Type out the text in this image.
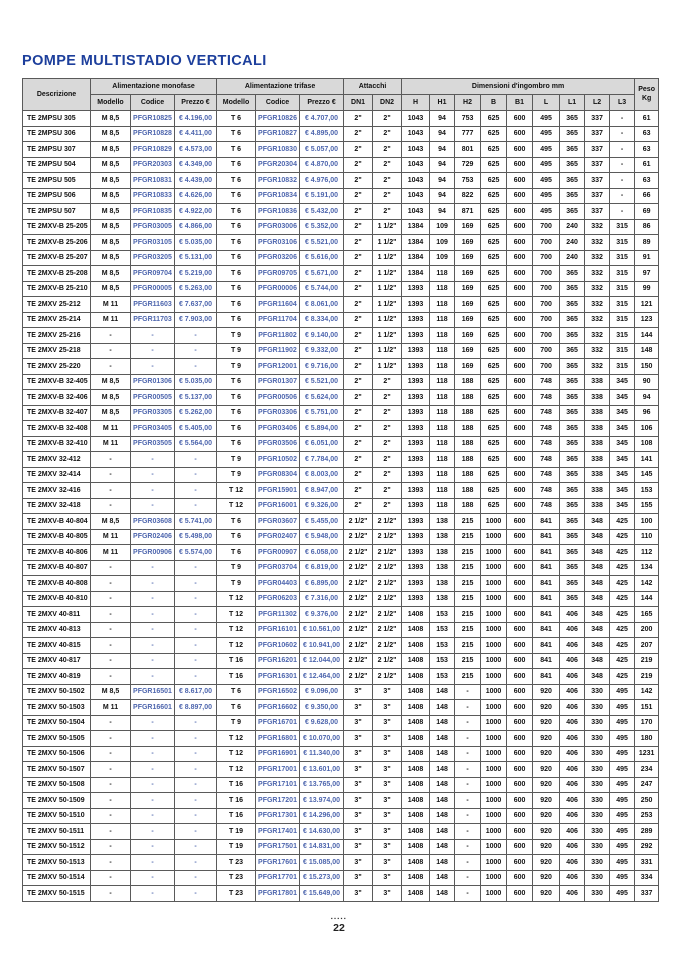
POMPE MULTISTADIO VERTICALI
Descrizione	Alimentazione monofase			Alimentazione trifase			Attacchi		Dimensioni d'ingombro mm									Peso
Kg
	Modello	Codice	Prezzo €	Modello	Codice	Prezzo €	DN1	DN2	H	H1	H2	B	B1	L	L1	L2	L3	
TE 2MPSU 305	M 8,5	PFGR10825	€ 4.196,00	T 6	PFGR10826	€ 4.707,00	2"	2"	1043	94	753	625	600	495	365	337	-	61
TE 2MPSU 306	M 8,5	PFGR10828	€ 4.411,00	T 6	PFGR10827	€ 4.895,00	2"	2"	1043	94	777	625	600	495	365	337	-	63
TE 2MPSU 307	M 8,5	PFGR10829	€ 4.573,00	T 6	PFGR10830	€ 5.057,00	2"	2"	1043	94	801	625	600	495	365	337	-	63
TE 2MPSU 504	M 8,5	PFGR20303	€ 4.349,00	T 6	PFGR20304	€ 4.870,00	2"	2"	1043	94	729	625	600	495	365	337	-	61
TE 2MPSU 505	M 8,5	PFGR10831	€ 4.439,00	T 6	PFGR10832	€ 4.976,00	2"	2"	1043	94	753	625	600	495	365	337	-	63
TE 2MPSU 506	M 8,5	PFGR10833	€ 4.626,00	T 6	PFGR10834	€ 5.191,00	2"	2"	1043	94	822	625	600	495	365	337	-	66
TE 2MPSU 507	M 8,5	PFGR10835	€ 4.922,00	T 6	PFGR10836	€ 5.432,00	2"	2"	1043	94	871	625	600	495	365	337	-	69
TE 2MXV-B 25-205	M 8,5	PFGR03005	€ 4.866,00	T 6	PFGR03006	€ 5.352,00	2"	1 1/2"	1384	109	169	625	600	700	240	332	315	86
TE 2MXV-B 25-206	M 8,5	PFGR03105	€ 5.035,00	T 6	PFGR03106	€ 5.521,00	2"	1 1/2"	1384	109	169	625	600	700	240	332	315	89
TE 2MXV-B 25-207	M 8,5	PFGR03205	€ 5.131,00	T 6	PFGR03206	€ 5.616,00	2"	1 1/2"	1384	109	169	625	600	700	240	332	315	91
TE 2MXV-B 25-208	M 8,5	PFGR09704	€ 5.219,00	T 6	PFGR09705	€ 5.671,00	2"	1 1/2"	1384	118	169	625	600	700	365	332	315	97
TE 2MXV-B 25-210	M 8,5	PFGR00005	€ 5.263,00	T 6	PFGR00006	€ 5.744,00	2"	1 1/2"	1393	118	169	625	600	700	365	332	315	99
TE 2MXV 25-212	M 11	PFGR11603	€ 7.637,00	T 6	PFGR11604	€ 8.061,00	2"	1 1/2"	1393	118	169	625	600	700	365	332	315	121
TE 2MXV 25-214	M 11	PFGR11703	€ 7.903,00	T 6	PFGR11704	€ 8.334,00	2"	1 1/2"	1393	118	169	625	600	700	365	332	315	123
TE 2MXV 25-216	-	-	-	T 9	PFGR11802	€ 9.140,00	2"	1 1/2"	1393	118	169	625	600	700	365	332	315	144
TE 2MXV 25-218	-	-	-	T 9	PFGR11902	€ 9.332,00	2"	1 1/2"	1393	118	169	625	600	700	365	332	315	148
TE 2MXV 25-220	-	-	-	T 9	PFGR12001	€ 9.716,00	2"	1 1/2"	1393	118	169	625	600	700	365	332	315	150
TE 2MXV-B 32-405	M 8,5	PFGR01306	€ 5.035,00	T 6	PFGR01307	€ 5.521,00	2"	2"	1393	118	188	625	600	748	365	338	345	90
TE 2MXV-B 32-406	M 8,5	PFGR00505	€ 5.137,00	T 6	PFGR00506	€ 5.624,00	2"	2"	1393	118	188	625	600	748	365	338	345	94
TE 2MXV-B 32-407	M 8,5	PFGR03305	€ 5.262,00	T 6	PFGR03306	€ 5.751,00	2"	2"	1393	118	188	625	600	748	365	338	345	96
TE 2MXV-B 32-408	M 11	PFGR03405	€ 5.405,00	T 6	PFGR03406	€ 5.894,00	2"	2"	1393	118	188	625	600	748	365	338	345	106
TE 2MXV-B 32-410	M 11	PFGR03505	€ 5.564,00	T 6	PFGR03506	€ 6.051,00	2"	2"	1393	118	188	625	600	748	365	338	345	108
TE 2MXV 32-412	-	-	-	T 9	PFGR10502	€ 7.784,00	2"	2"	1393	118	188	625	600	748	365	338	345	141
TE 2MXV 32-414	-	-	-	T 9	PFGR08304	€ 8.003,00	2"	2"	1393	118	188	625	600	748	365	338	345	145
TE 2MXV 32-416	-	-	-	T 12	PFGR15901	€ 8.947,00	2"	2"	1393	118	188	625	600	748	365	338	345	153
TE 2MXV 32-418	-	-	-	T 12	PFGR16001	€ 9.326,00	2"	2"	1393	118	188	625	600	748	365	338	345	155
TE 2MXV-B 40-804	M 8,5	PFGR03608	€ 5.741,00	T 6	PFGR03607	€ 5.455,00	2 1/2"	2 1/2"	1393	138	215	1000	600	841	365	348	425	100
TE 2MXV-B 40-805	M 11	PFGR02406	€ 5.498,00	T 6	PFGR02407	€ 5.948,00	2 1/2"	2 1/2"	1393	138	215	1000	600	841	365	348	425	110
TE 2MXV-B 40-806	M 11	PFGR00906	€ 5.574,00	T 6	PFGR00907	€ 6.058,00	2 1/2"	2 1/2"	1393	138	215	1000	600	841	365	348	425	112
TE 2MXV-B 40-807	-	-	-	T 9	PFGR03704	€ 6.819,00	2 1/2"	2 1/2"	1393	138	215	1000	600	841	365	348	425	134
TE 2MXV-B 40-808	-	-	-	T 9	PFGR04403	€ 6.895,00	2 1/2"	2 1/2"	1393	138	215	1000	600	841	365	348	425	142
TE 2MXV-B 40-810	-	-	-	T 12	PFGR06203	€ 7.316,00	2 1/2"	2 1/2"	1393	138	215	1000	600	841	365	348	425	144
TE 2MXV 40-811	-	-	-	T 12	PFGR11302	€ 9.376,00	2 1/2"	2 1/2"	1408	153	215	1000	600	841	406	348	425	165
TE 2MXV 40-813	-	-	-	T 12	PFGR16101	€ 10.561,00	2 1/2"	2 1/2"	1408	153	215	1000	600	841	406	348	425	200
TE 2MXV 40-815	-	-	-	T 12	PFGR10602	€ 10.941,00	2 1/2"	2 1/2"	1408	153	215	1000	600	841	406	348	425	207
TE 2MXV 40-817	-	-	-	T 16	PFGR16201	€ 12.044,00	2 1/2"	2 1/2"	1408	153	215	1000	600	841	406	348	425	219
TE 2MXV 40-819	-	-	-	T 16	PFGR16301	€ 12.464,00	2 1/2"	2 1/2"	1408	153	215	1000	600	841	406	348	425	219
TE 2MXV 50-1502	M 8,5	PFGR16501	€ 8.617,00	T 6	PFGR16502	€ 9.096,00	3"	3"	1408	148	-	1000	600	920	406	330	495	142
TE 2MXV 50-1503	M 11	PFGR16601	€ 8.897,00	T 6	PFGR16602	€ 9.350,00	3"	3"	1408	148	-	1000	600	920	406	330	495	151
TE 2MXV 50-1504	-	-	-	T 9	PFGR16701	€ 9.628,00	3"	3"	1408	148	-	1000	600	920	406	330	495	170
TE 2MXV 50-1505	-	-	-	T 12	PFGR16801	€ 10.070,00	3"	3"	1408	148	-	1000	600	920	406	330	495	180
TE 2MXV 50-1506	-	-	-	T 12	PFGR16901	€ 11.340,00	3"	3"	1408	148	-	1000	600	920	406	330	495	1231
TE 2MXV 50-1507	-	-	-	T 12	PFGR17001	€ 13.601,00	3"	3"	1408	148	-	1000	600	920	406	330	495	234
TE 2MXV 50-1508	-	-	-	T 16	PFGR17101	€ 13.765,00	3"	3"	1408	148	-	1000	600	920	406	330	495	247
TE 2MXV 50-1509	-	-	-	T 16	PFGR17201	€ 13.974,00	3"	3"	1408	148	-	1000	600	920	406	330	495	250
TE 2MXV 50-1510	-	-	-	T 16	PFGR17301	€ 14.296,00	3"	3"	1408	148	-	1000	600	920	406	330	495	253
TE 2MXV 50-1511	-	-	-	T 19	PFGR17401	€ 14.630,00	3"	3"	1408	148	-	1000	600	920	406	330	495	289
TE 2MXV 50-1512	-	-	-	T 19	PFGR17501	€ 14.831,00	3"	3"	1408	148	-	1000	600	920	406	330	495	292
TE 2MXV 50-1513	-	-	-	T 23	PFGR17601	€ 15.085,00	3"	3"	1408	148	-	1000	600	920	406	330	495	331
TE 2MXV 50-1514	-	-	-	T 23	PFGR17701	€ 15.273,00	3"	3"	1408	148	-	1000	600	920	406	330	495	334
TE 2MXV 50-1515	-	-	-	T 23	PFGR17801	€ 15.649,00	3"	3"	1408	148	-	1000	600	920	406	330	495	337
▪▪▪▪▪
22
